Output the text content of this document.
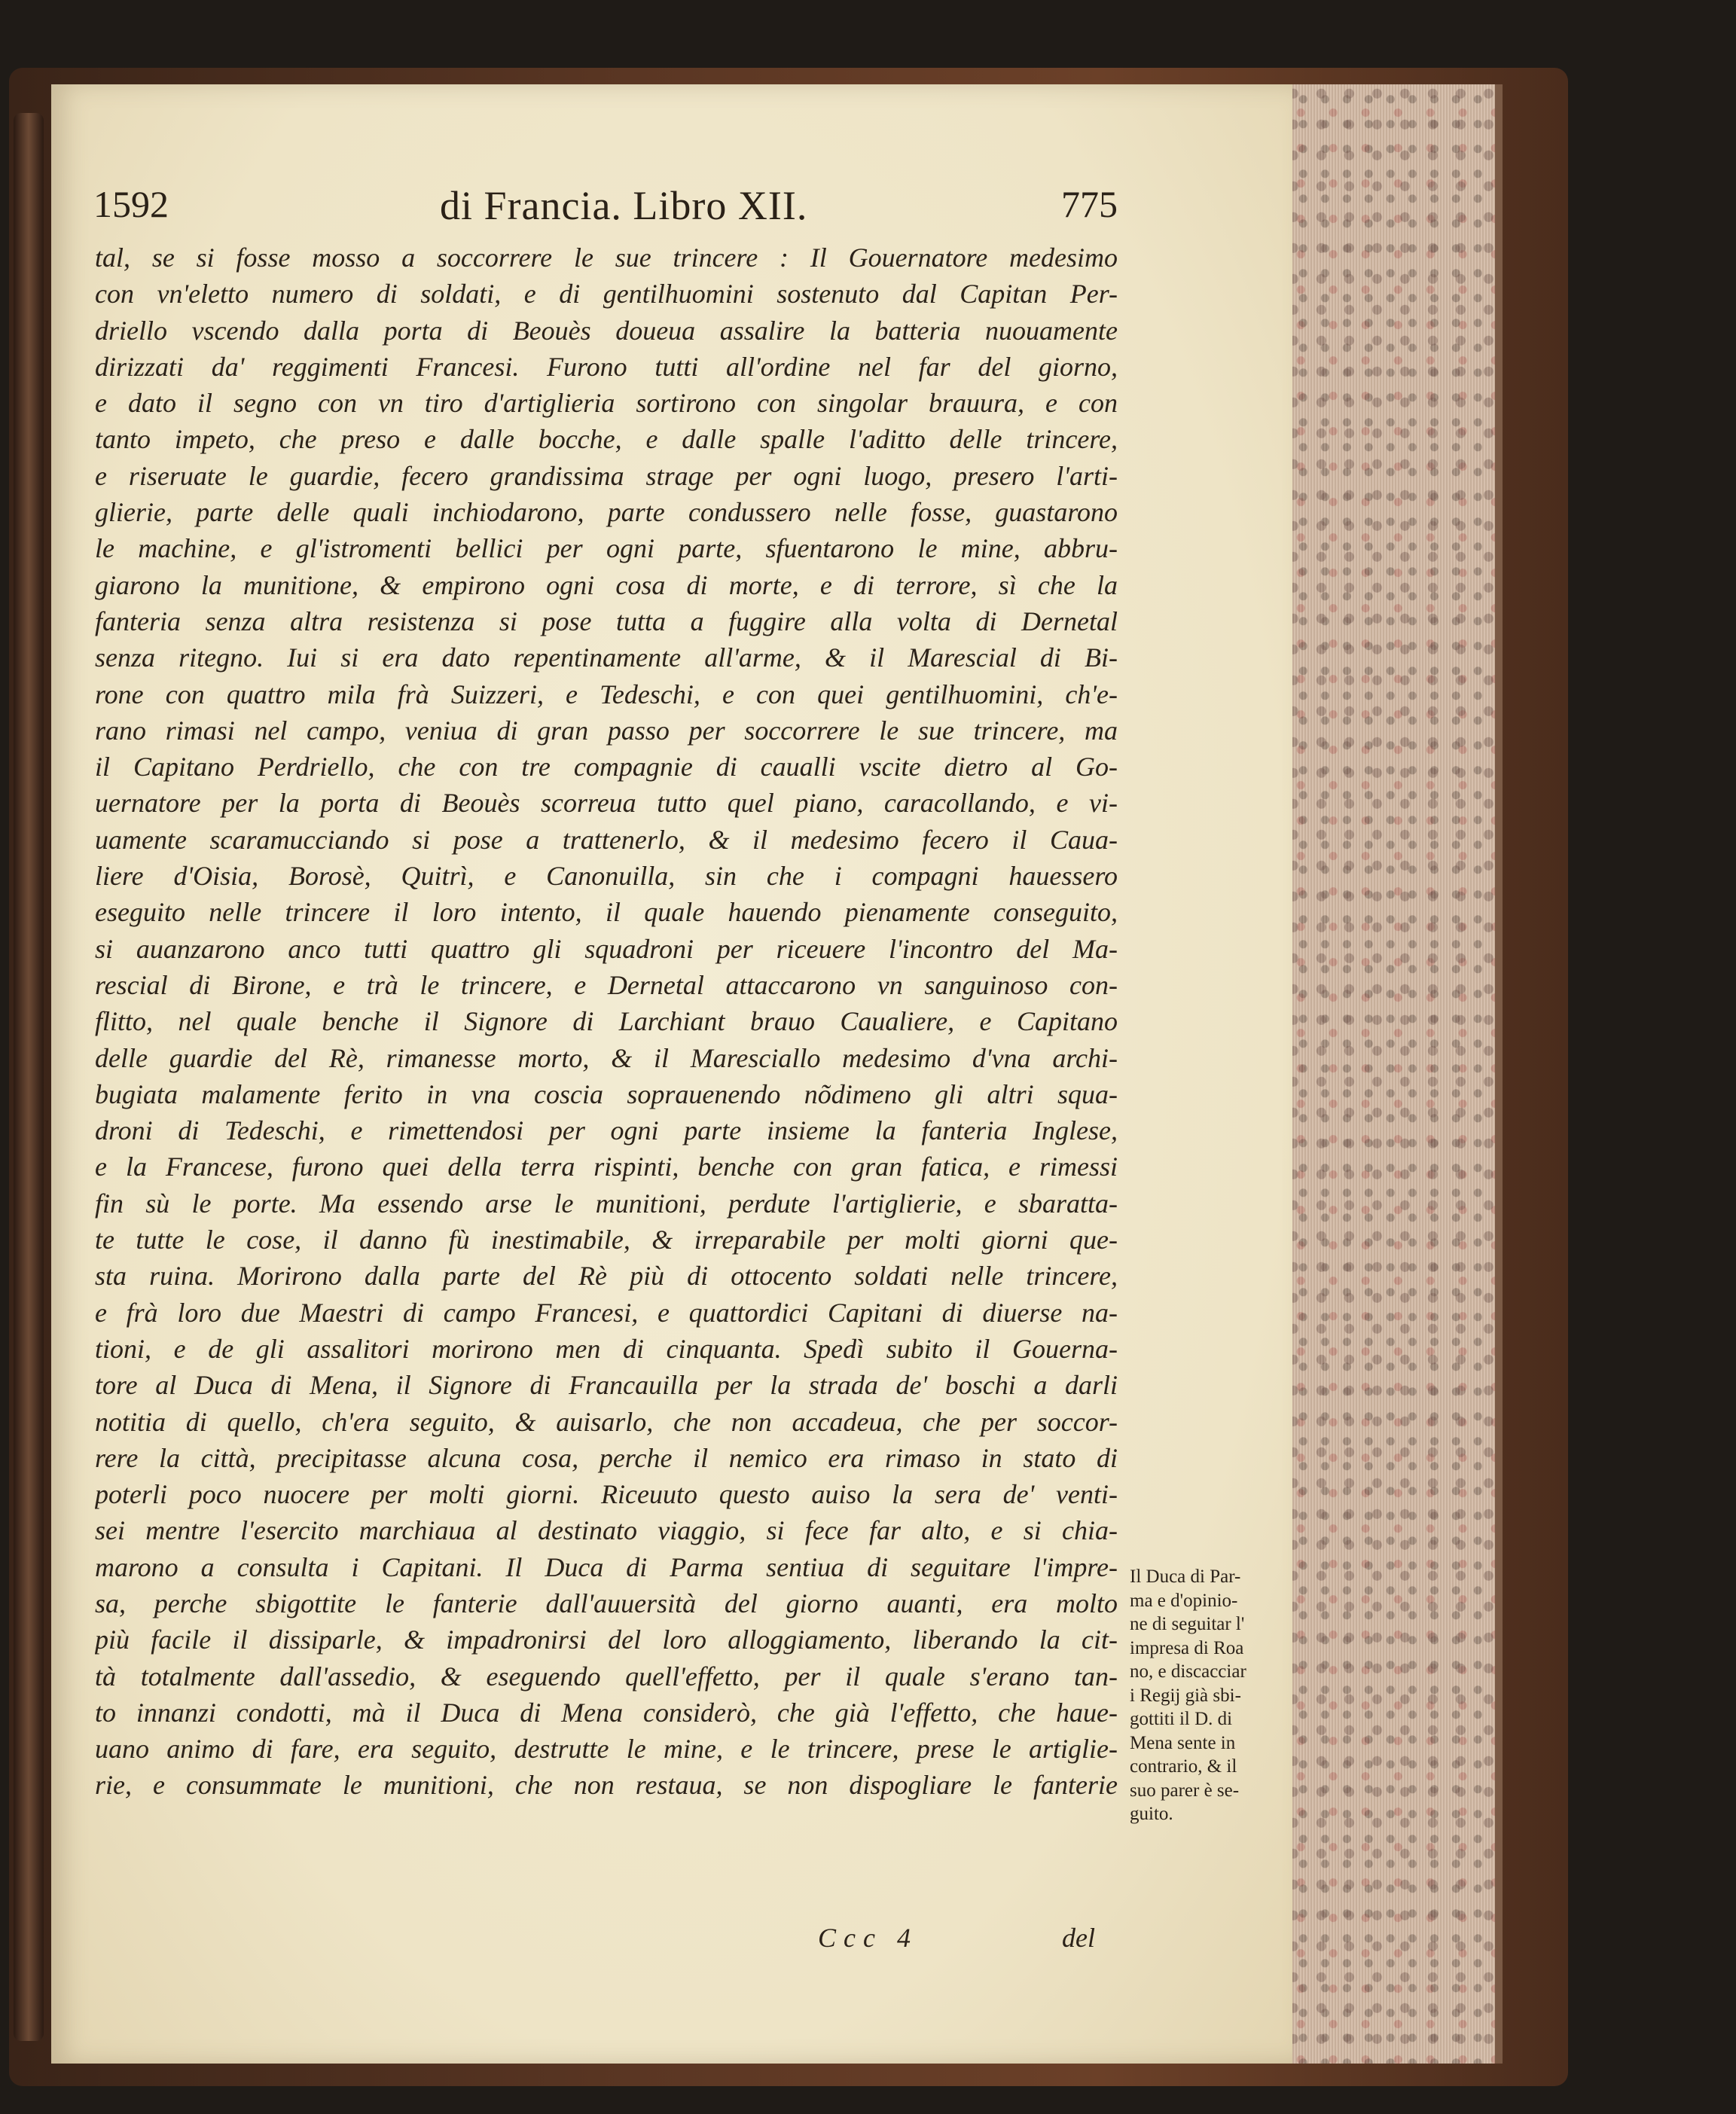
1592	di Francia. Libro XII.	775
tal, se si fosse mosso a soccorrere le sue trincere : Il Gouernatore medesimo
con vn'eletto numero di soldati, e di gentilhuomini sostenuto dal Capitan Per-
driello vscendo dalla porta di Beouès doueua assalire la batteria nuouamente
dirizzati da' reggimenti Francesi. Furono tutti all'ordine nel far del giorno,
e dato il segno con vn tiro d'artiglieria sortirono con singolar brauura, e con
tanto impeto, che preso e dalle bocche, e dalle spalle l'aditto delle trincere,
e riseruate le guardie, fecero grandissima strage per ogni luogo, presero l'arti-
glierie, parte delle quali inchiodarono, parte condussero nelle fosse, guastarono
le machine, e gl'istromenti bellici per ogni parte, sfuentarono le mine, abbru-
giarono la munitione, & empirono ogni cosa di morte, e di terrore, sì che la
fanteria senza altra resistenza si pose tutta a fuggire alla volta di Dernetal
senza ritegno. Iui si era dato repentinamente all'arme, & il Marescial di Bi-
rone con quattro mila frà Suizzeri, e Tedeschi, e con quei gentilhuomini, ch'e-
rano rimasi nel campo, veniua di gran passo per soccorrere le sue trincere, ma
il Capitano Perdriello, che con tre compagnie di caualli vscite dietro al Go-
uernatore per la porta di Beouès scorreua tutto quel piano, caracollando, e vi-
uamente scaramucciando si pose a trattenerlo, & il medesimo fecero il Caua-
liere d'Oisia, Borosè, Quitrì, e Canonuilla, sin che i compagni hauessero
eseguito nelle trincere il loro intento, il quale hauendo pienamente conseguito,
si auanzarono anco tutti quattro gli squadroni per riceuere l'incontro del Ma-
rescial di Birone, e trà le trincere, e Dernetal attaccarono vn sanguinoso con-
flitto, nel quale benche il Signore di Larchiant brauo Caualiere, e Capitano
delle guardie del Rè, rimanesse morto, & il Maresciallo medesimo d'vna archi-
bugiata malamente ferito in vna coscia soprauenendo nõdimeno gli altri squa-
droni di Tedeschi, e rimettendosi per ogni parte insieme la fanteria Inglese,
e la Francese, furono quei della terra rispinti, benche con gran fatica, e rimessi
fin sù le porte. Ma essendo arse le munitioni, perdute l'artiglierie, e sbaratta-
te tutte le cose, il danno fù inestimabile, & irreparabile per molti giorni que-
sta ruina. Morirono dalla parte del Rè più di ottocento soldati nelle trincere,
e frà loro due Maestri di campo Francesi, e quattordici Capitani di diuerse na-
tioni, e de gli assalitori morirono men di cinquanta. Spedì subito il Gouerna-
tore al Duca di Mena, il Signore di Francauilla per la strada de' boschi a darli
notitia di quello, ch'era seguito, & auisarlo, che non accadeua, che per soccor-
rere la città, precipitasse alcuna cosa, perche il nemico era rimaso in stato di
poterli poco nuocere per molti giorni. Riceuuto questo auiso la sera de' venti-
sei mentre l'esercito marchiaua al destinato viaggio, si fece far alto, e si chia-
marono a consulta i Capitani. Il Duca di Parma sentiua di seguitare l'impre-
sa, perche sbigottite le fanterie dall'auuersità del giorno auanti, era molto
più facile il dissiparle, & impadronirsi del loro alloggiamento, liberando la cit-
tà totalmente dall'assedio, & eseguendo quell'effetto, per il quale s'erano tan-
to innanzi condotti, mà il Duca di Mena considerò, che già l'effetto, che haue-
uano animo di fare, era seguito, destrutte le mine, e le trincere, prese le artiglie-
rie, e consummate le munitioni, che non restaua, se non dispogliare le fanterie
Il Duca di Par-
ma e d'opinio-
ne di seguitar l'
impresa di Roa
no, e discacciar
i Regij già sbi-
gottiti il D. di
Mena sente in
contrario, & il
suo parer è se-
guito.
Ccc 4	del
